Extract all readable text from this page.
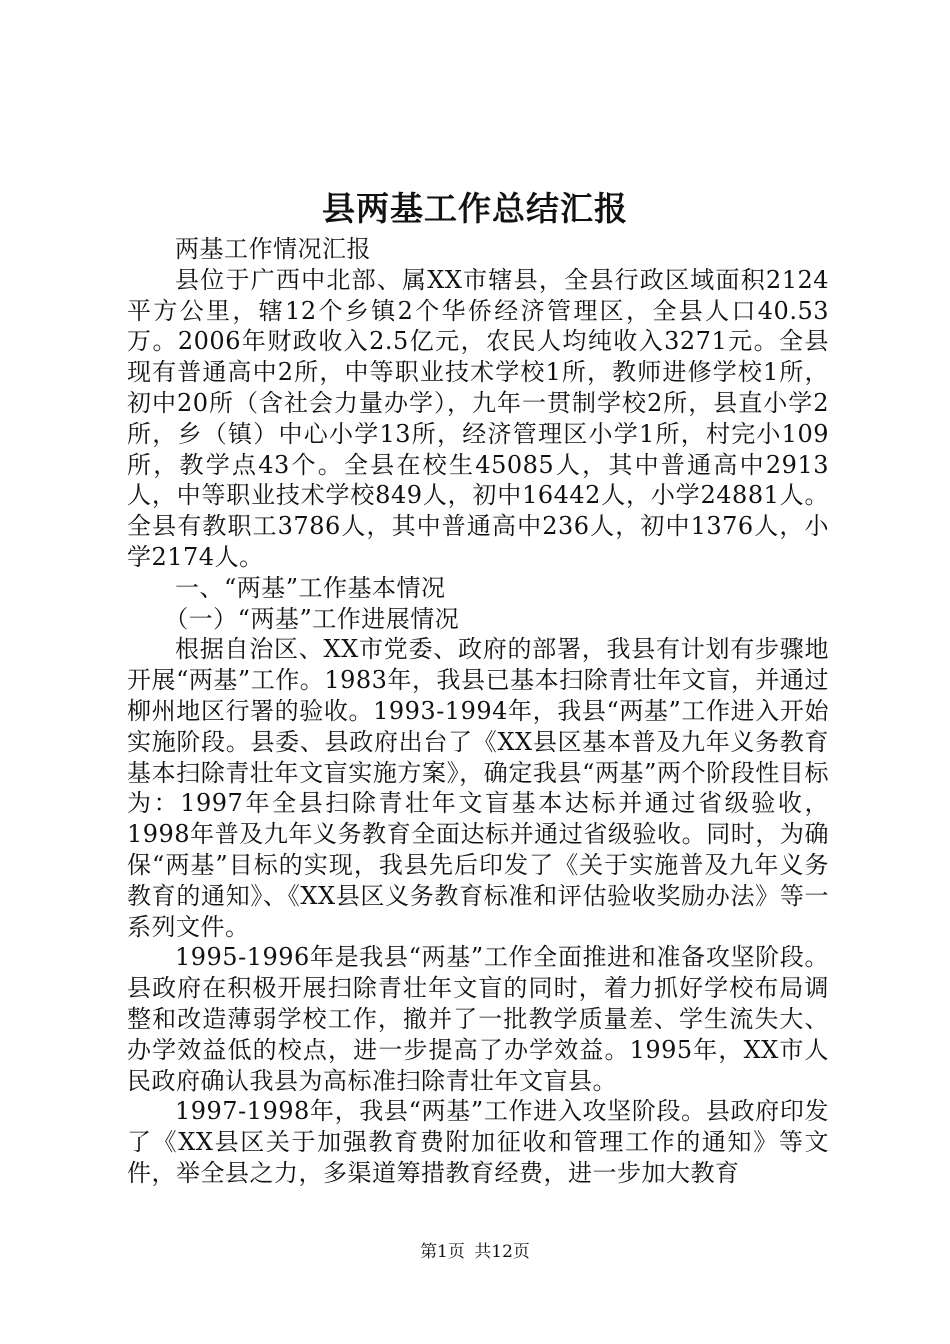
县两基工作总结汇报

两基工作情况汇报

县位于广西中北部、属XX市辖县，全县行政区域面积2124平方公里，辖12个乡镇2个华侨经济管理区，全县人口40.53万。2006年财政收入2.5亿元，农民人均纯收入3271元。全县现有普通高中2所，中等职业技术学校1所，教师进修学校1所，初中20所（含社会力量办学），九年一贯制学校2所，县直小学2所，乡（镇）中心小学13所，经济管理区小学1所，村完小109所，教学点43个。全县在校生45085人，其中普通高中2913人，中等职业技术学校849人，初中16442人，小学24881人。全县有教职工3786人，其中普通高中236人，初中1376人，小学2174人。

一、“两基”工作基本情况

（一）“两基”工作进展情况

根据自治区、XX市党委、政府的部署，我县有计划有步骤地开展“两基”工作。1983年，我县已基本扫除青壮年文盲，并通过柳州地区行署的验收。1993-1994年，我县“两基”工作进入开始实施阶段。县委、县政府出台了《XX县区基本普及九年义务教育基本扫除青壮年文盲实施方案》，确定我县“两基”两个阶段性目标为：1997年全县扫除青壮年文盲基本达标并通过省级验收，1998年普及九年义务教育全面达标并通过省级验收。同时，为确保“两基”目标的实现，我县先后印发了《关于实施普及九年义务教育的通知》、《XX县区义务教育标准和评估验收奖励办法》等一系列文件。

1995-1996年是我县“两基”工作全面推进和准备攻坚阶段。县政府在积极开展扫除青壮年文盲的同时，着力抓好学校布局调整和改造薄弱学校工作，撤并了一批教学质量差、学生流失大、办学效益低的校点，进一步提高了办学效益。1995年，XX市人民政府确认我县为高标准扫除青壮年文盲县。

1997-1998年，我县“两基”工作进入攻坚阶段。县政府印发了《XX县区关于加强教育费附加征收和管理工作的通知》等文件，举全县之力，多渠道筹措教育经费，进一步加大教育

第1页 共12页
